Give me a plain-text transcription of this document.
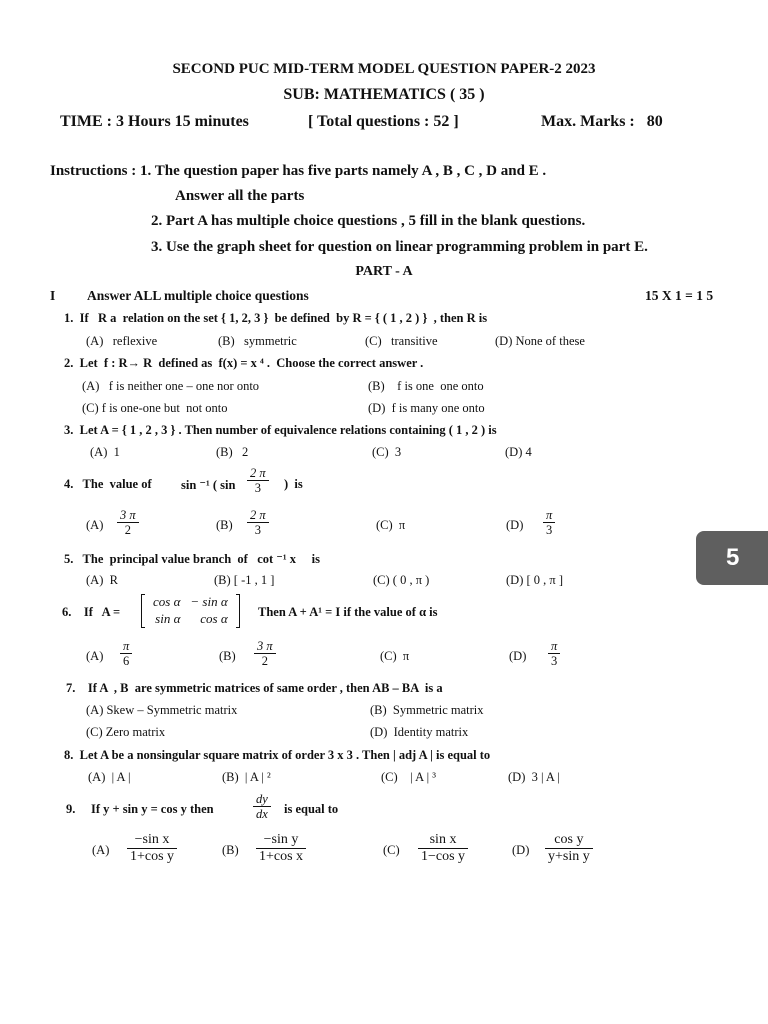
SECOND PUC MID-TERM MODEL QUESTION PAPER-2 2023
SUB: MATHEMATICS ( 35 )
TIME : 3 Hours 15 minutes	[ Total questions : 52 ]	Max. Marks :   80
Instructions : 1. The question paper has five parts namely A , B , C , D and E .
Answer all the parts
2. Part A has multiple choice questions , 5 fill in the blank questions.
3. Use the graph sheet for question on linear programming problem in part E.
PART - A
I Answer ALL multiple choice questions	15 X 1 = 1 5
1.  If   R a  relation on the set { 1, 2, 3 }  be defined  by R = { ( 1 , 2 ) }  , then R is
(A)   reflexive	(B)   symmetric	(C)   transitive	(D) None of these
2.  Let  f : R→ R  defined as  f(x) = x ⁴ .  Choose the correct answer .
(A)   f is neither one – one nor onto	(B)    f is one  one onto
(C) f is one-one but  not onto	(D)  f is many one onto
3.  Let A = { 1 , 2 , 3 } . Then number of equivalence relations containing ( 1 , 2 ) is
(A)  1	(B)   2	(C)  3	(D) 4
4.   The  value of sin ⁻¹ ( $\sin \frac{2 \pi}{3}$ )  is
$(A) \frac{3 \pi}{2}$	$(B) \frac{2 \pi}{3}$	(C)  π	$(D) \frac{\pi}{3}$
5.   The  principal value branch  of   cot ⁻¹ x     is
(A)  R	(B) [ -1 , 1 ]	(C) ( 0 , π )	(D) [ 0 , π ]
6.    If   A =
cos α	− sin α
sin α	cos α Then A + A¹ = I if the value of α is
$(A) \frac{\pi}{6}$	$(B) \frac{3 \pi}{2}$	(C)  π	$(D) \frac{\pi}{3}$
7.    If A  , B  are symmetric matrices of same order , then AB – BA  is a
(A) Skew – Symmetric matrix	(B)  Symmetric matrix
(C) Zero matrix	(D)  Identity matrix
8.  Let A be a nonsingular square matrix of order 3 x 3 . Then | adj A | is equal to
(A)  | A |	(B)  | A | ²	(C)    | A | ³	(D)  3 | A |
9.     If y + sin y = cos y then	$\frac{dy}{dx}$ is equal to
$(A) \frac{\text{−sin x}}{\text{1+cos y}}$	$(B) \frac{\text{−sin y}}{\text{1+cos x}}$	$(C) \frac{\text{sin x}}{\text{1−cos y}}$	$(D) \frac{\text{cos y}}{\text{y+sin y}}$
5
